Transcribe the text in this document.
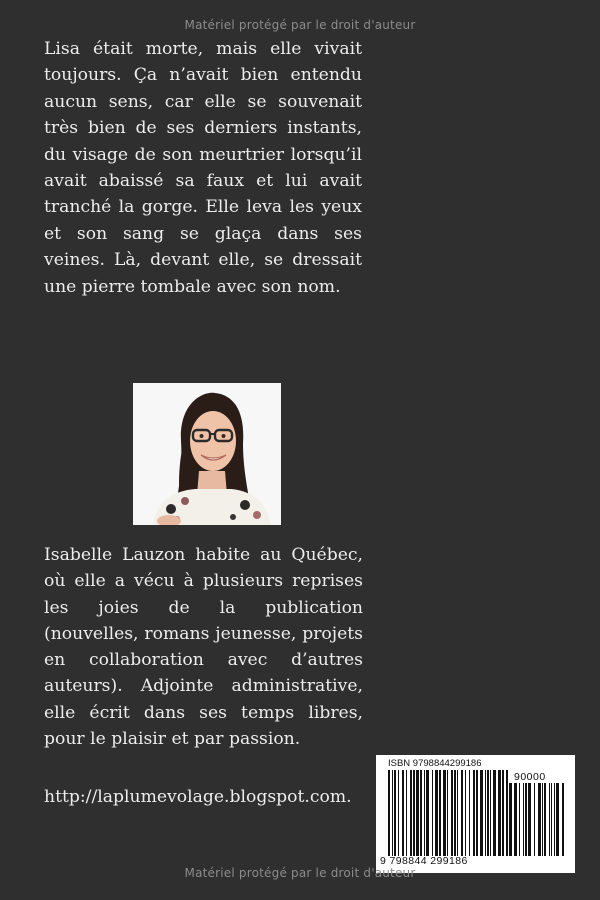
Matériel protégé par le droit d'auteur
Lisa était morte, mais elle vivait toujours. Ça n’avait bien entendu aucun sens, car elle se souvenait très bien de ses derniers instants, du visage de son meurtrier lorsqu’il avait abaissé sa faux et lui avait tranché la gorge. Elle leva les yeux et son sang se glaça dans ses veines. Là, devant elle, se dressait une pierre tombale avec son nom.
Isabelle Lauzon habite au Québec, où elle a vécu à plusieurs reprises les joies de la publication (nouvelles, romans jeunesse, projets en collaboration avec d’autres auteurs). Adjointe administrative, elle écrit dans ses temps libres, pour le plaisir et par passion.
http://laplumevolage.blogspot.com.
ISBN 9798844299186
90000
9 798844 299186
Matériel protégé par le droit d'auteur
